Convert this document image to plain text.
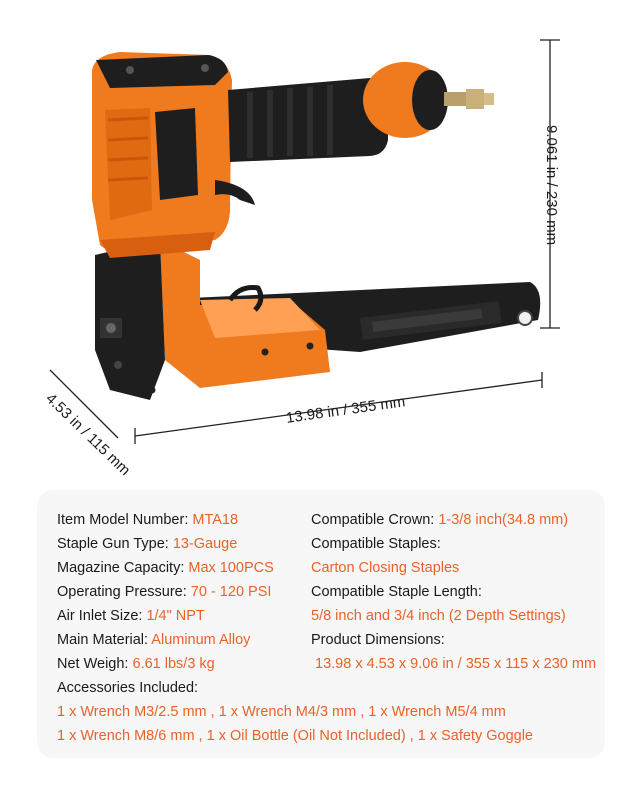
13.98 in / 355 mm
9.061 in / 230 mm
4.53 in / 115 mm
Item Model Number: MTA18
Staple Gun Type: 13-Gauge
Magazine Capacity: Max 100PCS
Operating Pressure: 70 - 120 PSI
Air Inlet Size: 1/4" NPT
Main Material: Aluminum Alloy
Net Weigh: 6.61 lbs/3 kg
Compatible Crown: 1-3/8 inch(34.8 mm)
Compatible Staples:
Carton Closing Staples
Compatible Staple Length:
5/8 inch and 3/4 inch (2 Depth Settings)
Product Dimensions:
13.98 x 4.53 x 9.06 in / 355 x 115 x 230 mm
Accessories Included:
1 x Wrench M3/2.5 mm , 1 x Wrench M4/3 mm , 1 x Wrench M5/4 mm
1 x Wrench M8/6 mm , 1 x Oil Bottle (Oil Not Included) , 1 x Safety Goggle
